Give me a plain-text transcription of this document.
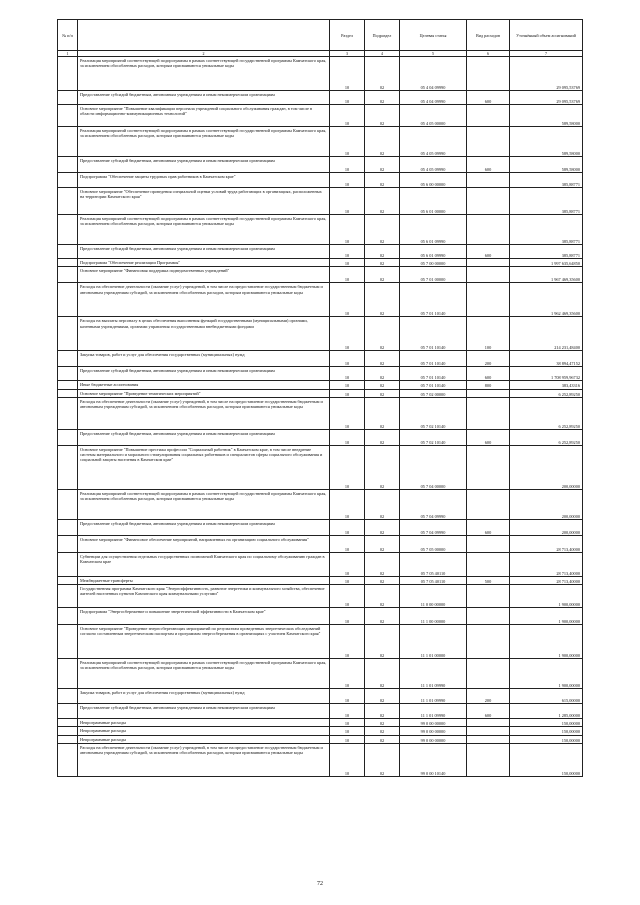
№ п/п		Раздел	Подраздел	Целевая статья	Вид расходов	Уточнённый объем ассигнований
1	2	3	4	5	6	7
	Реализация мероприятий соответствующей подпрограммы в рамках соответствующей государственной программы Камчатского края, за исключением обособленных расходов, которым присваиваются уникальные коды	10	02	05 4 04 09990		29 095,53769
	Предоставление субсидий бюджетным, автономным учреждениям и иным некоммерческим организациям	10	02	05 4 04 09990	600	29 095,53769
	Основное мероприятие "Повышение квалификации персонала учреждений социального обслуживания граждан, в том числе в области информационно-коммуникационных технологий"	10	02	05 4 05 00000		589,58000
	Реализация мероприятий соответствующей подпрограммы в рамках соответствующей государственной программы Камчатского края, за исключением обособленных расходов, которым присваиваются уникальные коды	10	02	05 4 05 09990		589,58000
	Предоставление субсидий бюджетным, автономным учреждениям и иным некоммерческим организациям	10	02	05 4 05 09990	600	589,58000
	Подпрограмма "Обеспечение защиты трудовых прав работников в Камчатском крае"	10	02	05 6 00 00000		385,88771
	Основное мероприятие "Обеспечение проведения специальной оценки условий труда работающих в организациях, расположенных на территории Камчатского края"	10	02	05 6 01 00000		385,88771
	Реализация мероприятий соответствующей подпрограммы в рамках соответствующей государственной программы Камчатского края, за исключением обособленных расходов, которым присваиваются уникальные коды	10	02	05 6 01 09990		385,88771
	Предоставление субсидий бюджетным, автономным учреждениям и иным некоммерческим организациям	10	02	05 6 01 09990	600	385,88771
	Подпрограмма "Обеспечение реализации Программы"	10	02	05 7 00 00000		1 997 635,64850
	Основное мероприятие "Финансовая поддержка подведомственных учреждений"	10	02	05 7 01 00000		1 967 469,35600
	Расходы на обеспечение деятельности (оказание услуг) учреждений, в том числе на предоставление государственным бюджетным и автономным учреждениям субсидий, за исключением обособленных расходов, которым присваиваются уникальные коды	10	02	05 7 01 10140		1 962 469,35600
	Расходы на выплаты персоналу в целях обеспечения выполнения функций государственными (муниципальными) органами, казенными учреждениями, органами управления государственными внебюджетными фондами	10	02	05 7 01 10140	100	214 231,48400
	Закупка товаров, работ и услуг для обеспечения государственных (муниципальных) нужд	10	02	05 7 01 10140	200	38 894,47152
	Предоставление субсидий бюджетным, автономным учреждениям и иным некоммерческим организациям	10	02	05 7 01 10140	600	1 708 959,96732
	Иные бюджетные ассигнования	10	02	05 7 01 10140	800	383,43316
	Основное мероприятие "Проведение тематических мероприятий"	10	02	05 7 02 00000		6 252,89250
	Расходы на обеспечение деятельности (оказание услуг) учреждений, в том числе на предоставление государственным бюджетным и автономным учреждениям субсидий, за исключением обособленных расходов, которым присваиваются уникальные коды	10	02	05 7 02 10140		6 252,89250
	Предоставление субсидий бюджетным, автономным учреждениям и иным некоммерческим организациям	10	02	05 7 02 10140	600	6 252,89250
	Основное мероприятие "Повышение престижа профессии "Социальный работник" в Камчатском крае, в том числе внедрение системы материального и морального стимулирования социальных работников и специалистов сферы социального обслуживания и социальной защиты населения в Камчатском крае"	10	02	05 7 04 00000		200,00000
	Реализация мероприятий соответствующей подпрограммы в рамках соответствующей государственной программы Камчатского края, за исключением обособленных расходов, которым присваиваются уникальные коды	10	02	05 7 04 09990		200,00000
	Предоставление субсидий бюджетным, автономным учреждениям и иным некоммерческим организациям	10	02	05 7 04 09990	600	200,00000
	Основное мероприятие "Финансовое обеспечение мероприятий, направленных на организацию социального обслуживания"	10	02	05 7 05 00000		28 713,40000
	Субвенции для осуществления отдельных государственных полномочий Камчатского края по социальному обслуживанию граждан в Камчатском крае	10	02	05 7 05 40110		28 713,40000
	Межбюджетные трансферты	10	02	05 7 05 40110	500	28 713,40000
	Государственная программа Камчатского края "Энергоэффективность, развитие энергетики и коммунального хозяйства, обеспечение жителей населенных пунктов Камчатского края коммунальными услугами"	10	02	11 0 00 00000		1 900,00000
	Подпрограмма "Энергосбережение и повышение энергетической эффективности в Камчатском крае"	10	02	11 1 00 00000		1 900,00000
	Основное мероприятие "Проведение энергосберегающих мероприятий по результатам проведенных энергетических обследований согласно составленным энергетическим паспортам и программам энергосбережения в организациях с участием Камчатского края"	10	02	11 1 01 00000		1 900,00000
	Реализация мероприятий соответствующей подпрограммы в рамках соответствующей государственной программы Камчатского края, за исключением обособленных расходов, которым присваиваются уникальные коды	10	02	11 1 01 09990		1 900,00000
	Закупка товаров, работ и услуг для обеспечения государственных (муниципальных) нужд	10	02	11 1 01 09990	200	615,00000
	Предоставление субсидий бюджетным, автономным учреждениям и иным некоммерческим организациям	10	02	11 1 01 09990	600	1 285,00000
	Непрограммные расходы	10	02	99 0 00 00000		150,00000
	Непрограммные расходы	10	02	99 0 00 00000		150,00000
	Непрограммные расходы	10	02	99 0 00 00000		150,00000
	Расходы на обеспечение деятельности (оказание услуг) учреждений, в том числе на предоставление государственным бюджетным и автономным учреждениям субсидий, за исключением обособленных расходов, которым присваиваются уникальные коды	10	02	99 0 00 10140		150,00000
72
